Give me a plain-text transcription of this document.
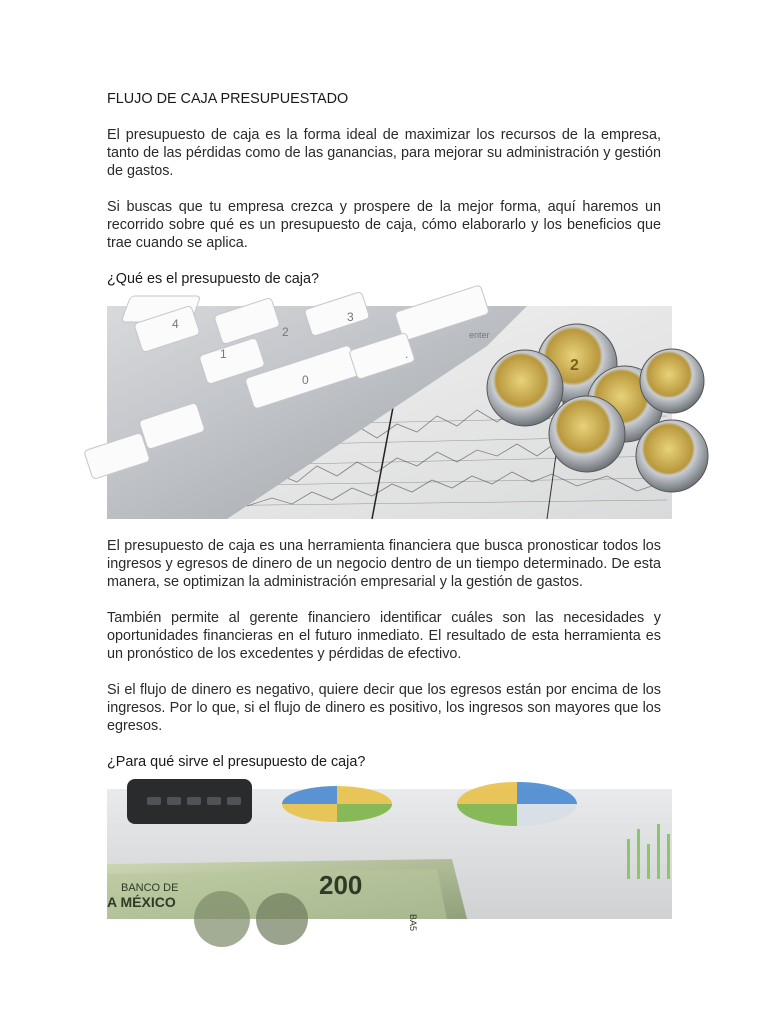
FLUJO DE CAJA PRESUPUESTADO

El presupuesto de caja es la forma ideal de maximizar los recursos de la empresa, tanto de las pérdidas como de las ganancias, para mejorar su administración y gestión de gastos.

Si buscas que tu empresa crezca y prospere de la mejor forma, aquí haremos un recorrido sobre qué es un presupuesto de caja, cómo elaborarlo y los beneficios que trae cuando se aplica.

¿Qué es el presupuesto de caja?
4
2
3
1
0
.
enter
2

El presupuesto de caja es una herramienta financiera que busca pronosticar todos los ingresos y egresos de dinero de un negocio dentro de un tiempo determinado. De esta manera, se optimizan la administración empresarial y la gestión de gastos.

También permite al gerente financiero identificar cuáles son las necesidades y oportunidades financieras en el futuro inmediato. El resultado de esta herramienta es un pronóstico de los excedentes y pérdidas de efectivo.

Si el flujo de dinero es negativo, quiere decir que los egresos están por encima de los ingresos. Por lo que, si el flujo de dinero es positivo, los ingresos son mayores que los egresos.

¿Para qué sirve el presupuesto de caja?
BANCO DE
A MÉXICO
200
BA5
